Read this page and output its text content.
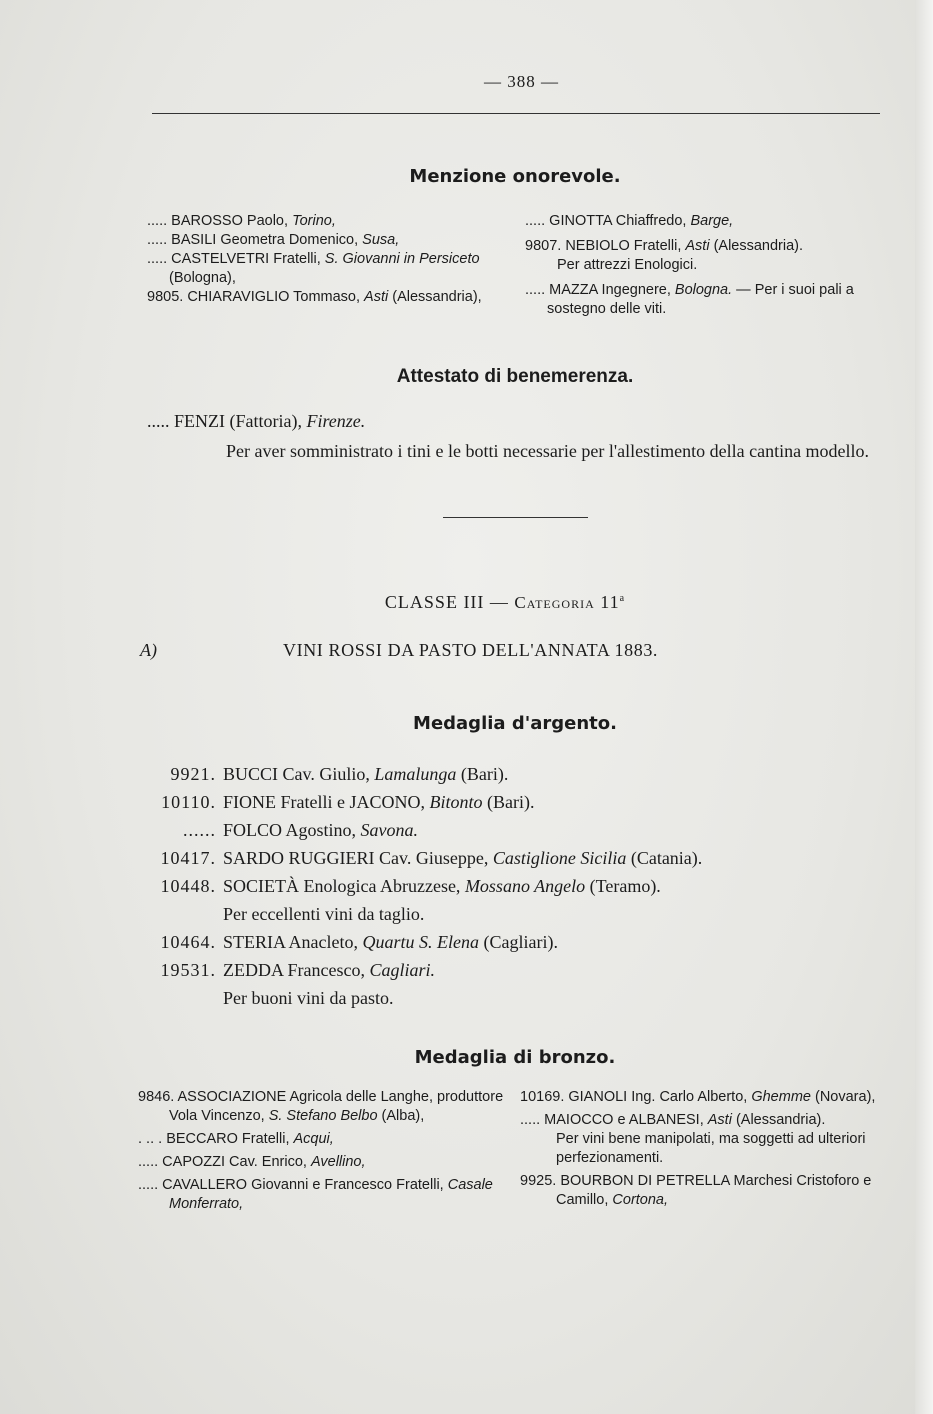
— 388 —
Menzione onorevole.

..... BAROSSO Paolo, Torino,

..... BASILI Geometra Domenico, Susa,

..... CASTELVETRI Fratelli, S. Giovanni in Persiceto (Bologna),

9805. CHIARAVIGLIO Tommaso, Asti (Alessandria),

..... GINOTTA Chiaffredo, Barge,

9807. NEBIOLO Fratelli, Asti (Alessandria).

Per attrezzi Enologici.

..... MAZZA Ingegnere, Bologna. — Per i suoi pali a sostegno delle viti.

Attestato di benemerenza.
..... FENZI (Fattoria), Firenze.
Per aver somministrato i tini e le botti necessarie per l'allestimento della cantina modello.
CLASSE III — Categoria 11$^a$
A)	VINI ROSSI DA PASTO DELL'ANNATA 1883.
Medaglia d'argento.
9921. BUCCI Cav. Giulio, Lamalunga (Bari).
10110. FIONE Fratelli e JACONO, Bitonto (Bari).
...... FOLCO Agostino, Savona.
10417. SARDO RUGGIERI Cav. Giuseppe, Castiglione Sicilia (Catania).
10448. SOCIETÀ Enologica Abruzzese, Mossano Angelo (Teramo).
Per eccellenti vini da taglio.
10464. STERIA Anacleto, Quartu S. Elena (Cagliari).
19531. ZEDDA Francesco, Cagliari.
Per buoni vini da pasto.
Medaglia di bronzo.

9846. ASSOCIAZIONE Agricola delle Langhe, produttore Vola Vincenzo, S. Stefano Belbo (Alba),

. .. . BECCARO Fratelli, Acqui,

..... CAPOZZI Cav. Enrico, Avellino,

..... CAVALLERO Giovanni e Francesco Fratelli, Casale Monferrato,

10169. GIANOLI Ing. Carlo Alberto, Ghemme (Novara),

..... MAIOCCO e ALBANESI, Asti (Alessandria).

Per vini bene manipolati, ma soggetti ad ulteriori perfezionamenti.

9925. BOURBON DI PETRELLA Marchesi Cristoforo e Camillo, Cortona,
